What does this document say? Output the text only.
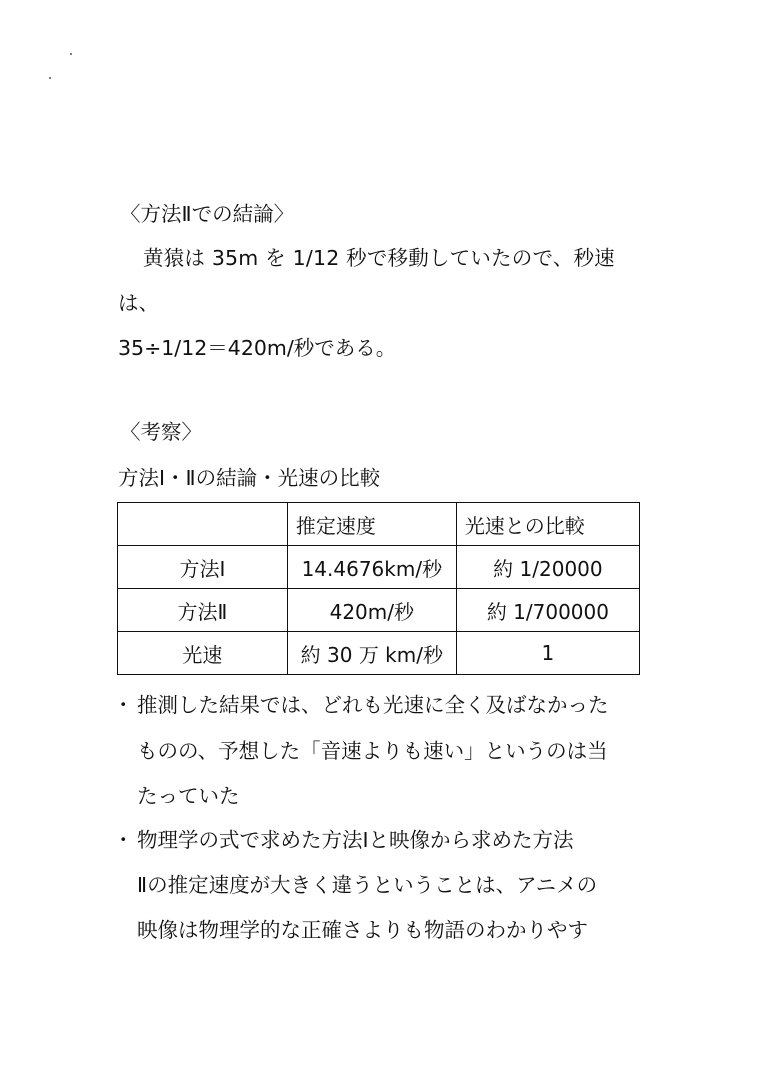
〈方法Ⅱでの結論〉
黄猿は 35m を 1/12 秒で移動していたので、秒速
は、
35÷1/12＝420m/秒である。
〈考察〉
方法Ⅰ・Ⅱの結論・光速の比較
	推定速度	光速との比較
方法Ⅰ	14.4676km/秒	約 1/20000
方法Ⅱ	420m/秒	約 1/700000
光速	約 30 万 km/秒	1
・ 推測した結果では、どれも光速に全く及ばなかった
ものの、予想した「音速よりも速い」というのは当
たっていた
・ 物理学の式で求めた方法Ⅰと映像から求めた方法
Ⅱの推定速度が大きく違うということは、アニメの
映像は物理学的な正確さよりも物語のわかりやす
